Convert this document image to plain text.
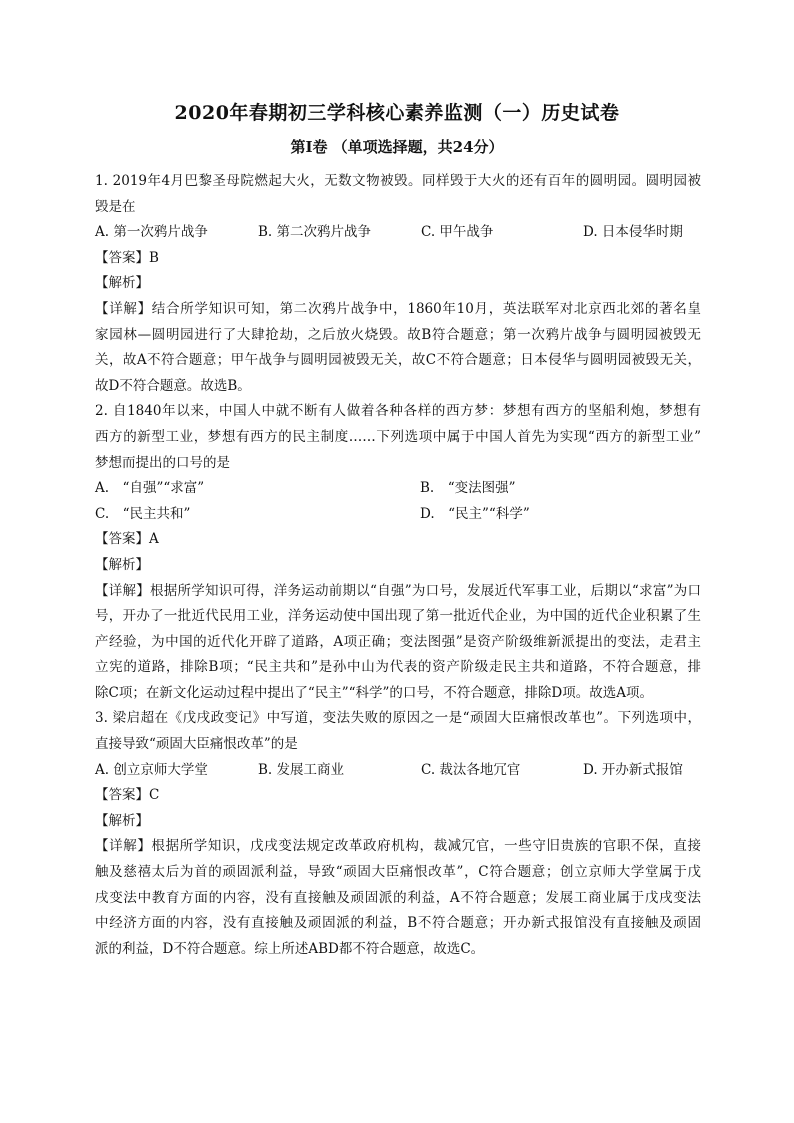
2020年春期初三学科核心素养监测（一）历史试卷
第Ⅰ卷 （单项选择题，共24分）
1. 2019年4月巴黎圣母院燃起大火，无数文物被毁。同样毁于大火的还有百年的圆明园。圆明园被
毁是在
A. 第一次鸦片战争	B. 第二次鸦片战争	C. 甲午战争	D. 日本侵华时期
【答案】B
【解析】
【详解】结合所学知识可知，第二次鸦片战争中，1860年10月，英法联军对北京西北郊的著名皇
家园林—圆明园进行了大肆抢劫，之后放火烧毁。故B符合题意；第一次鸦片战争与圆明园被毁无
关，故A不符合题意；甲午战争与圆明园被毁无关，故C不符合题意；日本侵华与圆明园被毁无关，
故D不符合题意。故选B。
2. 自1840年以来，中国人中就不断有人做着各种各样的西方梦：梦想有西方的坚船利炮，梦想有
西方的新型工业，梦想有西方的民主制度……下列选项中属于中国人首先为实现“西方的新型工业”
梦想而提出的口号的是
A.　“自强”“求富”	B.　“变法图强”
C.　“民主共和”	D.　“民主”“科学”
【答案】A
【解析】
【详解】根据所学知识可得，洋务运动前期以“自强”为口号，发展近代军事工业，后期以“求富”为口
号，开办了一批近代民用工业，洋务运动使中国出现了第一批近代企业，为中国的近代企业积累了生
产经验，为中国的近代化开辟了道路，A项正确；变法图强”是资产阶级维新派提出的变法，走君主
立宪的道路，排除B项；“民主共和”是孙中山为代表的资产阶级走民主共和道路，不符合题意，排
除C项；在新文化运动过程中提出了“民主”“科学”的口号，不符合题意，排除D项。故选A项。
3. 梁启超在《戊戌政变记》中写道，变法失败的原因之一是“顽固大臣痛恨改革也”。下列选项中，
直接导致“顽固大臣痛恨改革”的是
A. 创立京师大学堂	B. 发展工商业	C. 裁汰各地冗官	D. 开办新式报馆
【答案】C
【解析】
【详解】根据所学知识，戊戌变法规定改革政府机构，裁减冗官，一些守旧贵族的官职不保，直接
触及慈禧太后为首的顽固派利益，导致“顽固大臣痛恨改革”，C符合题意；创立京师大学堂属于戊
戌变法中教育方面的内容，没有直接触及顽固派的利益，A不符合题意；发展工商业属于戊戌变法
中经济方面的内容，没有直接触及顽固派的利益，B不符合题意；开办新式报馆没有直接触及顽固
派的利益，D不符合题意。综上所述ABD都不符合题意，故选C。
